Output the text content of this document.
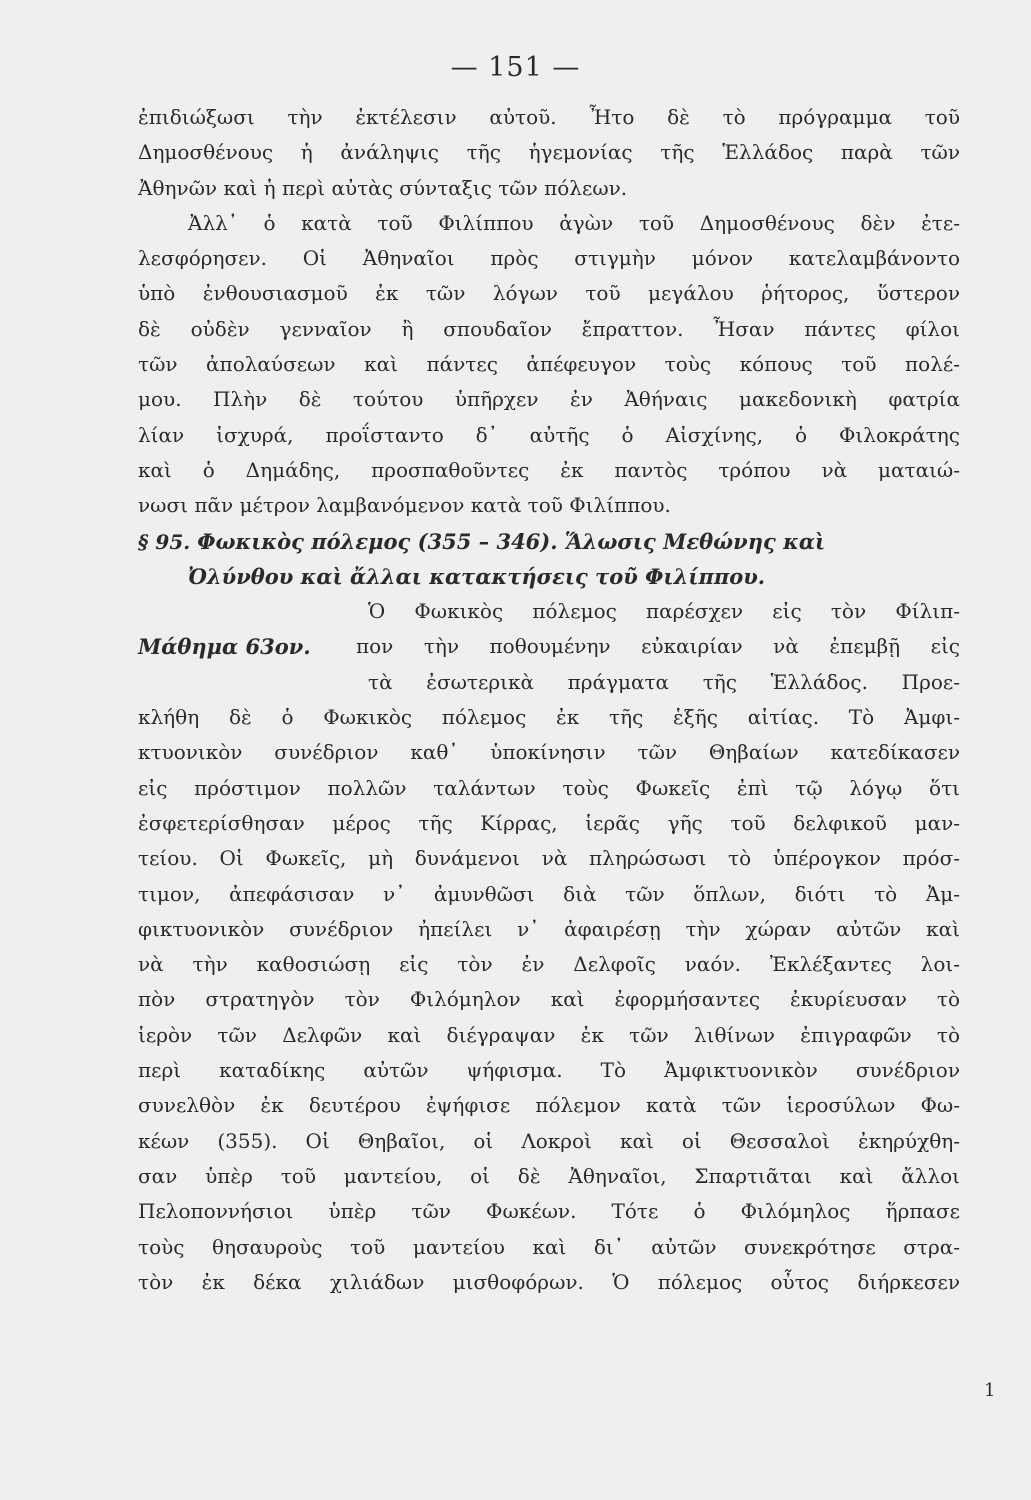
— 151 —
ἐπιδιώξωσι τὴν ἐκτέλεσιν αὐτοῦ. Ἦτο δὲ τὸ πρόγραμμα τοῦ
Δημοσθένους ἡ ἀνάληψις τῆς ἡγεμονίας τῆς Ἑλλάδος παρὰ τῶν
Ἀθηνῶν καὶ ἡ περὶ αὐτὰς σύνταξις τῶν πόλεων.
Ἀλλ᾽ ὁ κατὰ τοῦ Φιλίππου ἀγὼν τοῦ Δημοσθένους δὲν ἐτε-
λεσφόρησεν. Οἱ Ἀθηναῖοι πρὸς στιγμὴν μόνον κατελαμβάνοντο
ὑπὸ ἐνθουσιασμοῦ ἐκ τῶν λόγων τοῦ μεγάλου ῥήτορος, ὕστερον
δὲ οὐδὲν γενναῖον ἢ σπουδαῖον ἔπραττον. Ἦσαν πάντες φίλοι
τῶν ἀπολαύσεων καὶ πάντες ἀπέφευγον τοὺς κόπους τοῦ πολέ-
μου. Πλὴν δὲ τούτου ὑπῆρχεν ἐν Ἀθήναις μακεδονικὴ φατρία
λίαν ἰσχυρά, προΐσταντο δ᾽ αὐτῆς ὁ Αἰσχίνης, ὁ Φιλοκράτης
καὶ ὁ Δημάδης, προσπαθοῦντες ἐκ παντὸς τρόπου νὰ ματαιώ-
νωσι πᾶν μέτρον λαμβανόμενον κατὰ τοῦ Φιλίππου.
§ 95. Φωκικὸς πόλεμος (355 – 346). Ἅλωσις Μεθώνης καὶ
Ὀλύνθου καὶ ἄλλαι κατακτήσεις τοῦ Φιλίππου.
Ὁ Φωκικὸς πόλεμος παρέσχεν εἰς τὸν Φίλιπ-
Μάθημα 63ον.	πον τὴν ποθουμένην εὐκαιρίαν νὰ ἐπεμβῇ εἰς
τὰ ἐσωτερικὰ πράγματα τῆς Ἑλλάδος. Προε-
κλήθη δὲ ὁ Φωκικὸς πόλεμος ἐκ τῆς ἑξῆς αἰτίας. Τὸ Ἀμφι-
κτυονικὸν συνέδριον καθ᾽ ὑποκίνησιν τῶν Θηβαίων κατεδίκασεν
εἰς πρόστιμον πολλῶν ταλάντων τοὺς Φωκεῖς ἐπὶ τῷ λόγῳ ὅτι
ἐσφετερίσθησαν μέρος τῆς Κίρρας, ἱερᾶς γῆς τοῦ δελφικοῦ μαν-
τείου. Οἱ Φωκεῖς, μὴ δυνάμενοι νὰ πληρώσωσι τὸ ὑπέρογκον πρόσ-
τιμον, ἀπεφάσισαν ν᾽ ἀμυνθῶσι διὰ τῶν ὅπλων, διότι τὸ Ἀμ-
φικτυονικὸν συνέδριον ἠπείλει ν᾽ ἀφαιρέσῃ τὴν χώραν αὐτῶν καὶ
νὰ τὴν καθοσιώσῃ εἰς τὸν ἐν Δελφοῖς ναόν. Ἐκλέξαντες λοι-
πὸν στρατηγὸν τὸν Φιλόμηλον καὶ ἐφορμήσαντες ἐκυρίευσαν τὸ
ἱερὸν τῶν Δελφῶν καὶ διέγραψαν ἐκ τῶν λιθίνων ἐπιγραφῶν τὸ
περὶ καταδίκης αὐτῶν ψήφισμα. Τὸ Ἀμφικτυονικὸν συνέδριον
συνελθὸν ἐκ δευτέρου ἐψήφισε πόλεμον κατὰ τῶν ἱεροσύλων Φω-
κέων (355). Οἱ Θηβαῖοι, οἱ Λοκροὶ καὶ οἱ Θεσσαλοὶ ἐκηρύχθη-
σαν ὑπὲρ τοῦ μαντείου, οἱ δὲ Ἀθηναῖοι, Σπαρτιᾶται καὶ ἄλλοι
Πελοποννήσιοι ὑπὲρ τῶν Φωκέων. Τότε ὁ Φιλόμηλος ἥρπασε
τοὺς θησαυροὺς τοῦ μαντείου καὶ δι᾽ αὐτῶν συνεκρότησε στρα-
τὸν ἐκ δέκα χιλιάδων μισθοφόρων. Ὁ πόλεμος οὗτος διήρκεσεν
1
